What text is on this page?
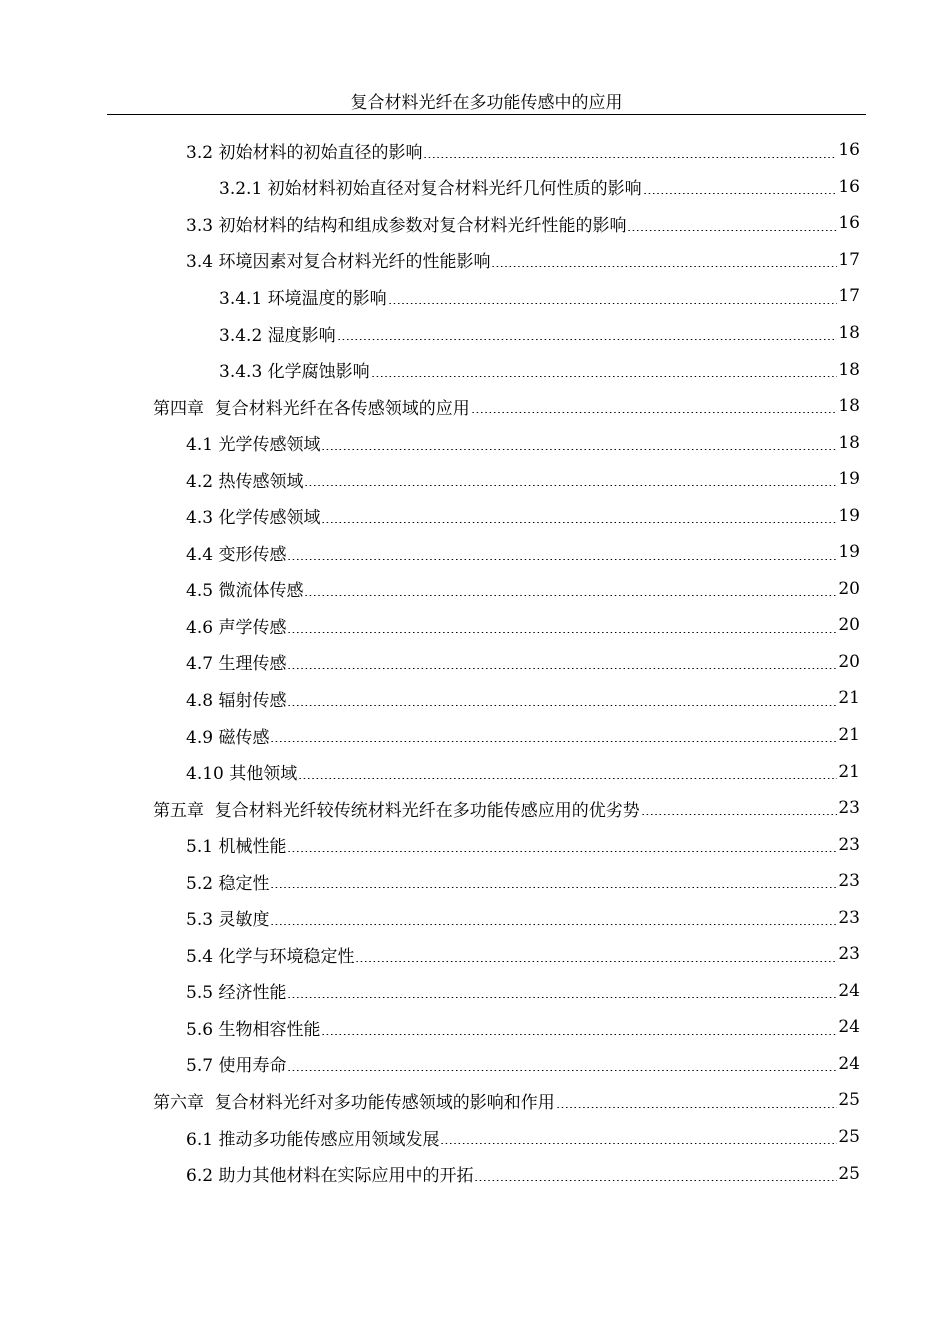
复合材料光纤在多功能传感中的应用
3.2 初始材料的初始直径的影响	16
3.2.1 初始材料初始直径对复合材料光纤几何性质的影响	16
3.3 初始材料的结构和组成参数对复合材料光纤性能的影响	16
3.4 环境因素对复合材料光纤的性能影响	17
3.4.1 环境温度的影响	17
3.4.2 湿度影响	18
3.4.3 化学腐蚀影响	18
第四章  复合材料光纤在各传感领域的应用	18
4.1 光学传感领域	18
4.2 热传感领域	19
4.3 化学传感领域	19
4.4 变形传感	19
4.5 微流体传感	20
4.6 声学传感	20
4.7 生理传感	20
4.8 辐射传感	21
4.9 磁传感	21
4.10 其他领域	21
第五章  复合材料光纤较传统材料光纤在多功能传感应用的优劣势	23
5.1 机械性能	23
5.2 稳定性	23
5.3 灵敏度	23
5.4 化学与环境稳定性	23
5.5 经济性能	24
5.6 生物相容性能	24
5.7 使用寿命	24
第六章  复合材料光纤对多功能传感领域的影响和作用	25
6.1 推动多功能传感应用领域发展	25
6.2 助力其他材料在实际应用中的开拓	25
